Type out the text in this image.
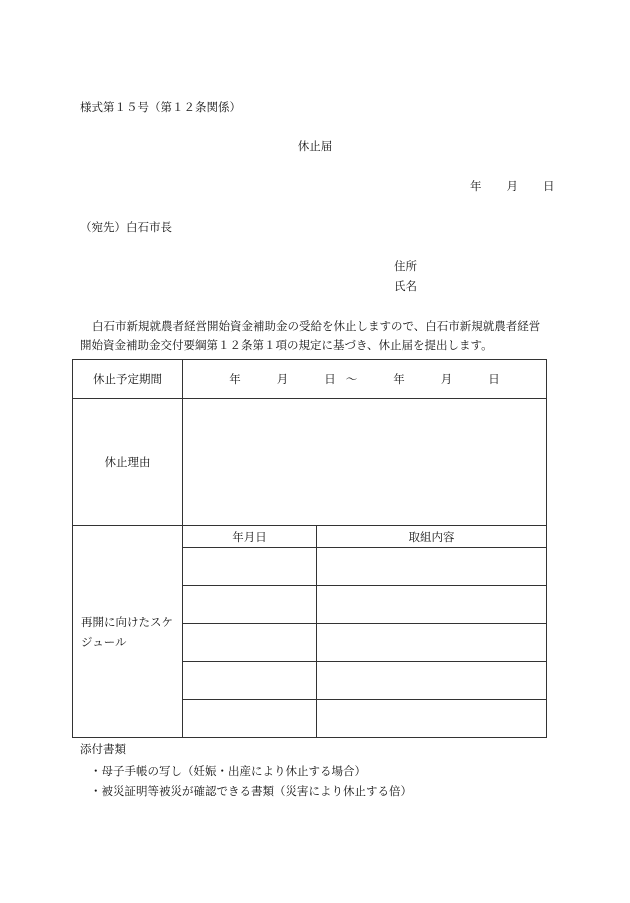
様式第１５号（第１２条関係）
休止届
年 月 日
（宛先）白石市長
住所
氏名
白石市新規就農者経営開始資金補助金の受給を休止しますので、白石市新規就農者経営
開始資金補助金交付要綱第１２条第１項の規定に基づき、休止届を提出します。
休止予定期間	年 月 日 ～ 年 月 日	
休止理由		

再開に向けたスケ
ジュール	年月日	取組内容

添付書類
・母子手帳の写し（妊娠・出産により休止する場合）
・被災証明等被災が確認できる書類（災害により休止する倍）
